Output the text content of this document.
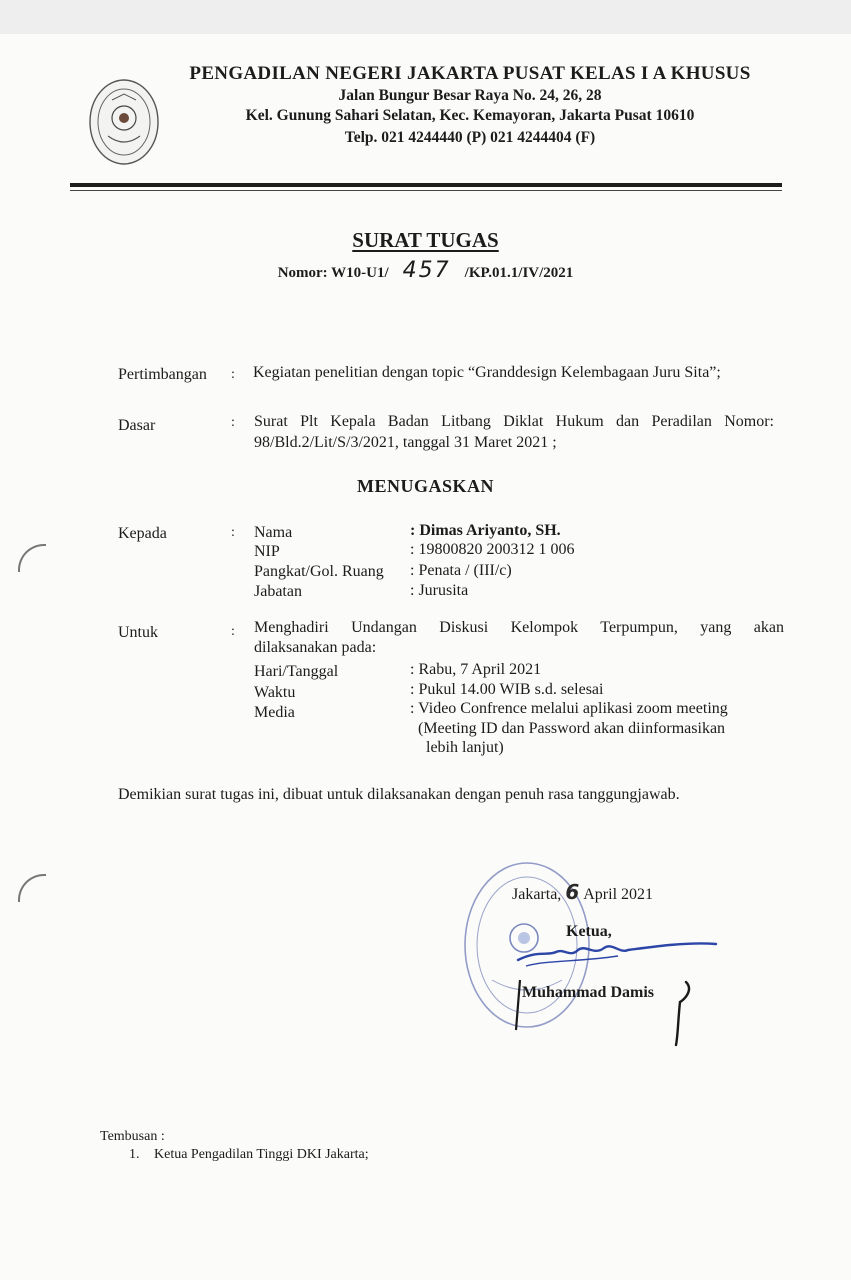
PENGADILAN NEGERI JAKARTA PUSAT KELAS I A KHUSUS
Jalan Bungur Besar Raya No. 24, 26, 28
Kel. Gunung Sahari Selatan, Kec. Kemayoran, Jakarta Pusat 10610
Telp. 021 4244440 (P) 021 4244404 (F)
SURAT TUGAS
Nomor: W10-U1/ 457 /KP.01.1/IV/2021
Pertimbangan : Kegiatan penelitian dengan topic “Granddesign Kelembagaan Juru Sita”;
Dasar	: Surat Plt Kepala Badan Litbang Diklat Hukum dan Peradilan Nomor:
98/Bld.2/Lit/S/3/2021, tanggal 31 Maret 2021 ;
MENUGASKAN
Kepada	: Nama	: Dimas Ariyanto, SH.
NIP	: 19800820 200312 1 006
Pangkat/Gol. Ruang : Penata / (III/c)
Jabatan	: Jurusita
Untuk	: Menghadiri Undangan Diskusi Kelompok Terpumpun, yang akan
dilaksanakan pada:
Hari/Tanggal	: Rabu, 7 April 2021
Waktu	: Pukul 14.00 WIB s.d. selesai
Media	: Video Confrence melalui aplikasi zoom meeting
(Meeting ID dan Password akan diinformasikan
lebih lanjut)
Demikian surat tugas ini, dibuat untuk dilaksanakan dengan penuh rasa tanggungjawab.
Jakarta, 6 April 2021
Ketua,
Muhammad Damis
Tembusan :
1. Ketua Pengadilan Tinggi DKI Jakarta;
